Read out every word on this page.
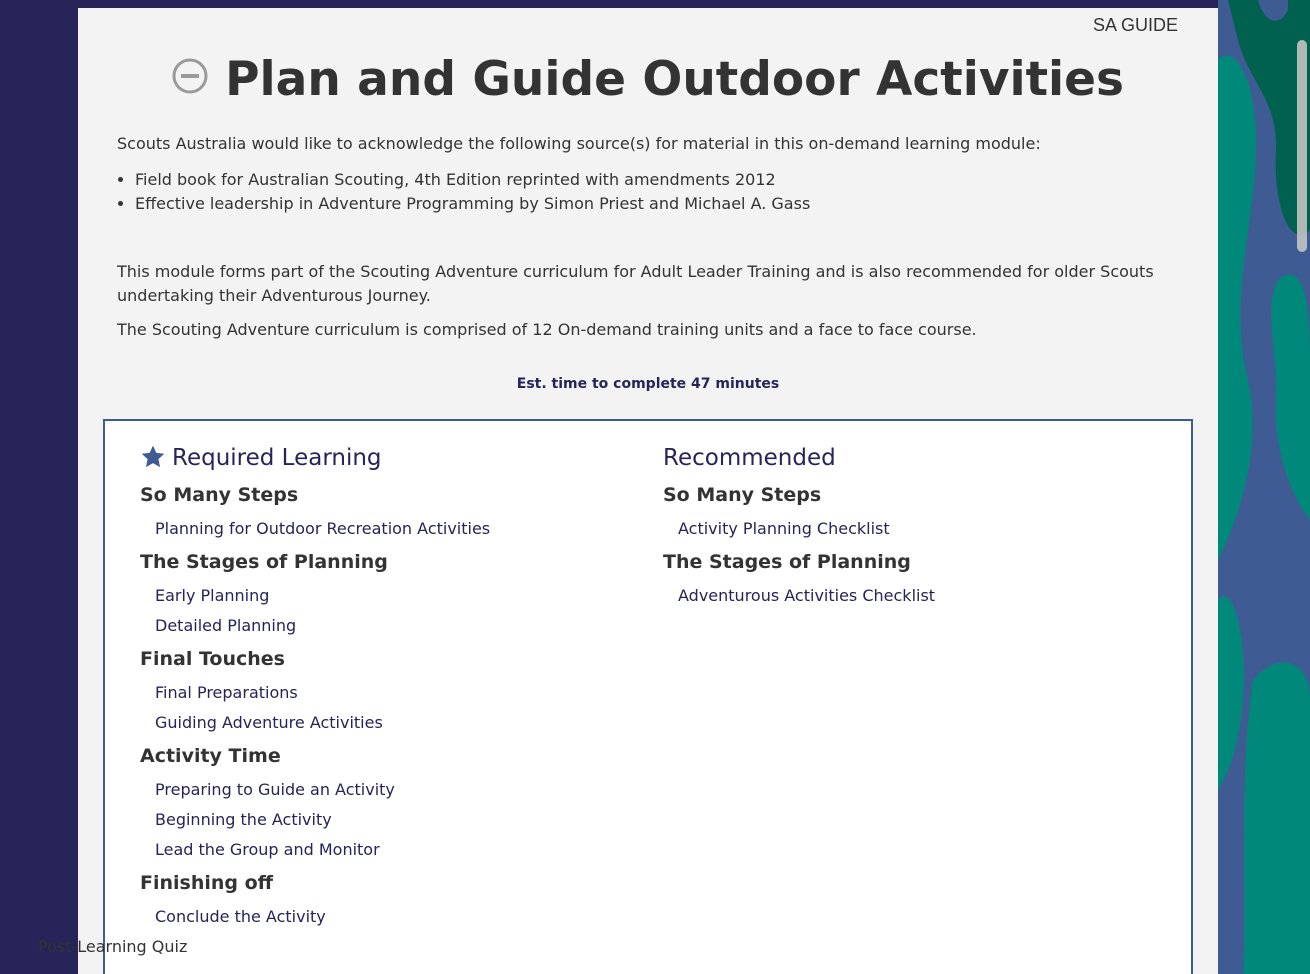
SA GUIDE
Plan and Guide Outdoor Activities
Scouts Australia would like to acknowledge the following source(s) for material in this on-demand learning module:
• Field book for Australian Scouting, 4th Edition reprinted with amendments 2012
• Effective leadership in Adventure Programming by Simon Priest and Michael A. Gass
This module forms part of the Scouting Adventure curriculum for Adult Leader Training and is also recommended for older Scouts undertaking their Adventurous Journey.
The Scouting Adventure curriculum is comprised of 12 On-demand training units and a face to face course.
Est. time to complete 47 minutes
Required Learning
So Many Steps
Planning for Outdoor Recreation Activities
The Stages of Planning
Early Planning
Detailed Planning
Final Touches
Final Preparations
Guiding Adventure Activities
Activity Time
Preparing to Guide an Activity
Beginning the Activity
Lead the Group and Monitor
Finishing off
Conclude the Activity
Recommended
So Many Steps
Activity Planning Checklist
The Stages of Planning
Adventurous Activities Checklist
Post-Learning Quiz
